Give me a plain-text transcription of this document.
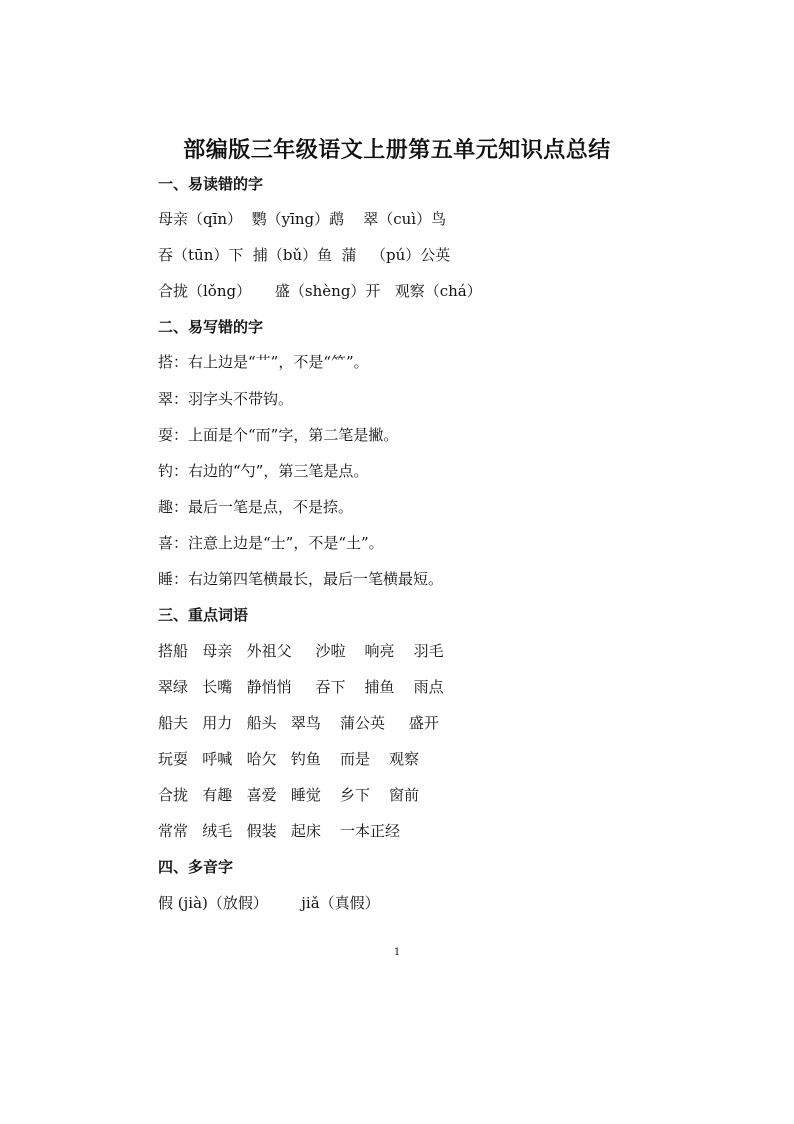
部编版三年级语文上册第五单元知识点总结
一、易读错的字
母亲（qīn）  鹦（yīng）鹉    翠（cuì）鸟
吞（tūn）下  捕（bǔ）鱼  蒲   （pú）公英
合拢（lǒng）     盛（shèng）开   观察（chá）
二、易写错的字
搭：右上边是“艹”，不是“⺮”。
翠：羽字头不带钩。
耍：上面是个“而”字，第二笔是撇。
钓：右边的“勺”，第三笔是点。
趣：最后一笔是点，不是捺。
喜：注意上边是“士”，不是“土”。
睡：右边第四笔横最长，最后一笔横最短。
三、重点词语
搭船   母亲   外祖父     沙啦    响亮    羽毛
翠绿   长嘴   静悄悄     吞下    捕鱼    雨点
船夫   用力   船头   翠鸟    蒲公英     盛开
玩耍   呼喊   哈欠   钓鱼    而是    观察
合拢   有趣   喜爱   睡觉    乡下    窗前
常常   绒毛   假装   起床    一本正经
四、多音字
假 (jià)（放假）       jiǎ（真假）
1
